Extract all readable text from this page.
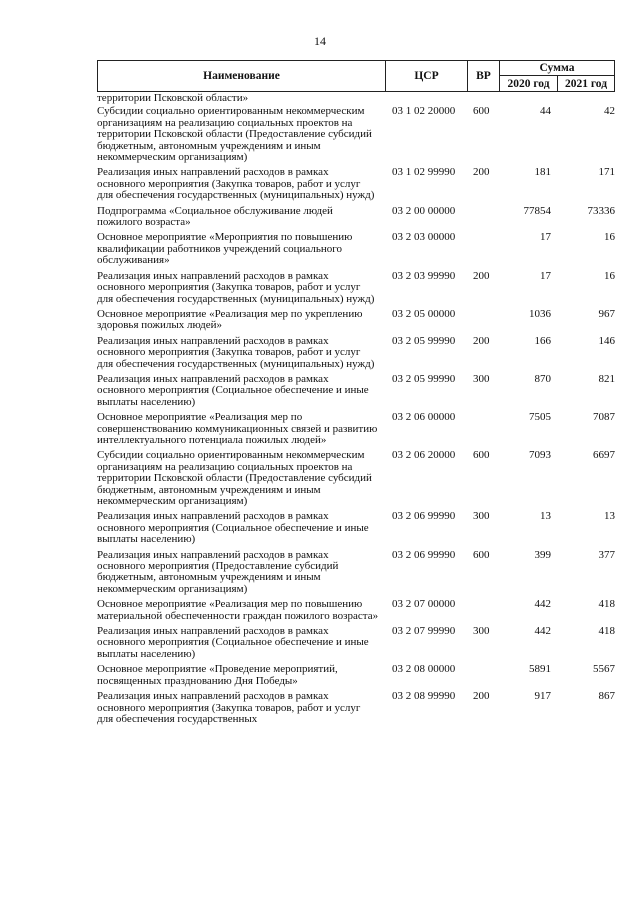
14
Наименование	ЦСР	ВР
Сумма
2020 год	2021 год
территории Псковской области»
Субсидии социально ориентированным некоммерческим организациям на реализацию социальных проектов на территории Псковской области (Предоставление субсидий бюджетным, автономным учреждениям и иным некоммерческим организациям)
03 1 02 20000 600	44	42
Реализация иных направлений расходов в рамках основного мероприятия (Закупка товаров, работ и услуг для обеспечения государственных (муниципальных) нужд)
03 1 02 99990 200	181	171
Подпрограмма «Социальное обслуживание людей пожилого возраста»
03 2 00 00000	77854	73336
Основное мероприятие «Мероприятия по повышению квалификации работников учреждений социального обслуживания»
03 2 03 00000	17	16
Реализация иных направлений расходов в рамках основного мероприятия (Закупка товаров, работ и услуг для обеспечения государственных (муниципальных) нужд)
03 2 03 99990 200	17	16
Основное мероприятие «Реализация мер по укреплению здоровья пожилых людей»
03 2 05 00000	1036	967
Реализация иных направлений расходов в рамках основного мероприятия (Закупка товаров, работ и услуг для обеспечения государственных (муниципальных) нужд)
03 2 05 99990 200	166	146
Реализация иных направлений расходов в рамках основного мероприятия (Социальное обеспечение и иные выплаты населению)
03 2 05 99990 300	870	821
Основное мероприятие «Реализация мер по совершенствованию коммуникационных связей и развитию интеллектуального потенциала пожилых людей»
03 2 06 00000	7505	7087
Субсидии социально ориентированным некоммерческим организациям на реализацию социальных проектов на территории Псковской области (Предоставление субсидий бюджетным, автономным учреждениям и иным некоммерческим организациям)
03 2 06 20000 600	7093	6697
Реализация иных направлений расходов в рамках основного мероприятия (Социальное обеспечение и иные выплаты населению)
03 2 06 99990 300	13	13
Реализация иных направлений расходов в рамках основного мероприятия (Предоставление субсидий бюджетным, автономным учреждениям и иным некоммерческим организациям)
03 2 06 99990 600	399	377
Основное мероприятие «Реализация мер по повышению материальной обеспеченности граждан пожилого возраста»
03 2 07 00000	442	418
Реализация иных направлений расходов в рамках основного мероприятия (Социальное обеспечение и иные выплаты населению)
03 2 07 99990 300	442	418
Основное мероприятие «Проведение мероприятий, посвященных празднованию Дня Победы»
03 2 08 00000	5891	5567
Реализация иных направлений расходов в рамках основного мероприятия (Закупка товаров, работ и услуг для обеспечения государственных
03 2 08 99990 200	917	867
